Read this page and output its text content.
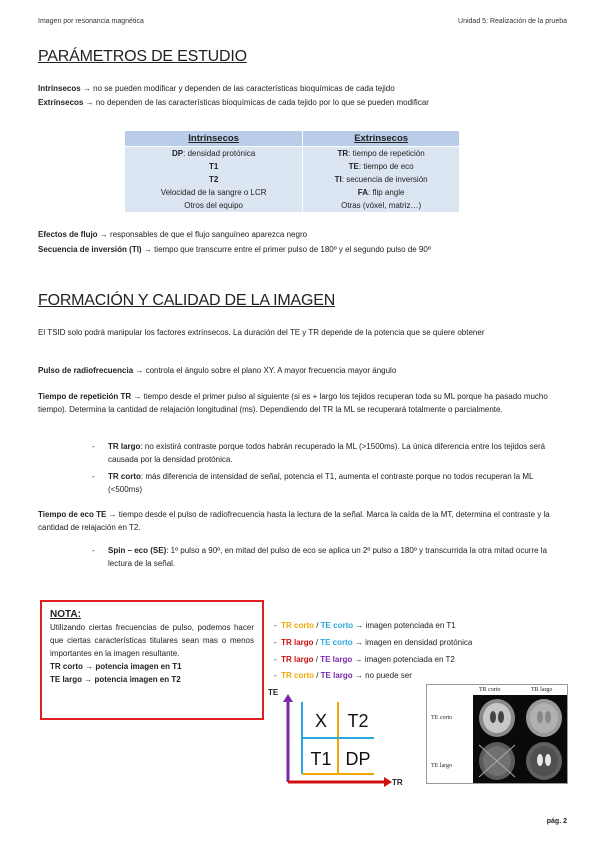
Imagen por resonancia magnética	Unidad 5: Realización de la prueba
PARÁMETROS DE ESTUDIO
Intrínsecos → no se pueden modificar y dependen de las características bioquímicas de cada tejido
Extrínsecos → no dependen de las características bioquímicas de cada tejido por lo que se pueden modificar
Intrínsecos	Extrínsecos
DP: densidad protónica	TR: tiempo de repetición
T1	TE: tiempo de eco
T2	TI: secuencia de inversión
Velocidad de la sangre o LCR	FA: flip angle
Otros del equipo	Otras (vóxel, matriz…)
Efectos de flujo → responsables de que el flujo sanguíneo aparezca negro
Secuencia de inversión (TI) → tiempo que transcurre entre el primer pulso de 180º y el segundo pulso de 90º
FORMACIÓN Y CALIDAD DE LA IMAGEN
El TSID solo podrá manipular los factores extrínsecos. La duración del TE y TR depende de la potencia que se quiere obtener
Pulso de radiofrecuencia → controla el ángulo sobre el plano XY. A mayor frecuencia mayor ángulo
Tiempo de repetición TR → tiempo desde el primer pulso al siguiente (si es + largo los tejidos recuperan toda su ML porque ha pasado mucho tiempo). Determina la cantidad de relajación longitudinal (ms). Dependiendo del TR la ML se recuperará totalmente o parcialmente.
- TR largo: no existirá contraste porque todos habrán recuperado la ML (>1500ms). La única diferencia entre los tejidos será causada por la densidad protónica.
- TR corto: más diferencia de intensidad de señal, potencia el T1, aumenta el contraste porque no todos recuperan la ML (<500ms)
Tiempo de eco TE → tiempo desde el pulso de radiofrecuencia hasta la lectura de la señal. Marca la caída de la MT, determina el contraste y la cantidad de relajación en T2.
- Spin – eco (SE): 1º pulso a 90º, en mitad del pulso de eco se aplica un 2º pulso a 180º y transcurrida la otra mitad ocurre la lectura de la señal.
NOTA:
Utilizando ciertas frecuencias de pulso, podemos hacer que ciertas características titulares sean mas o menos importantes en la imagen resultante.
TR corto → potencia imagen en T1
TE largo → potencia imagen en T2
-  TR corto / TE corto → imagen potenciada en T1
-  TR largo / TE corto → imagen en densidad protónica
-  TR largo / TE largo → imagen potenciada en T2
-  TR corto / TE largo → no puede ser
TE
TR
X	T2
T1 DP
TR corto	TR largo
TE corto
TE largo
pág. 2
